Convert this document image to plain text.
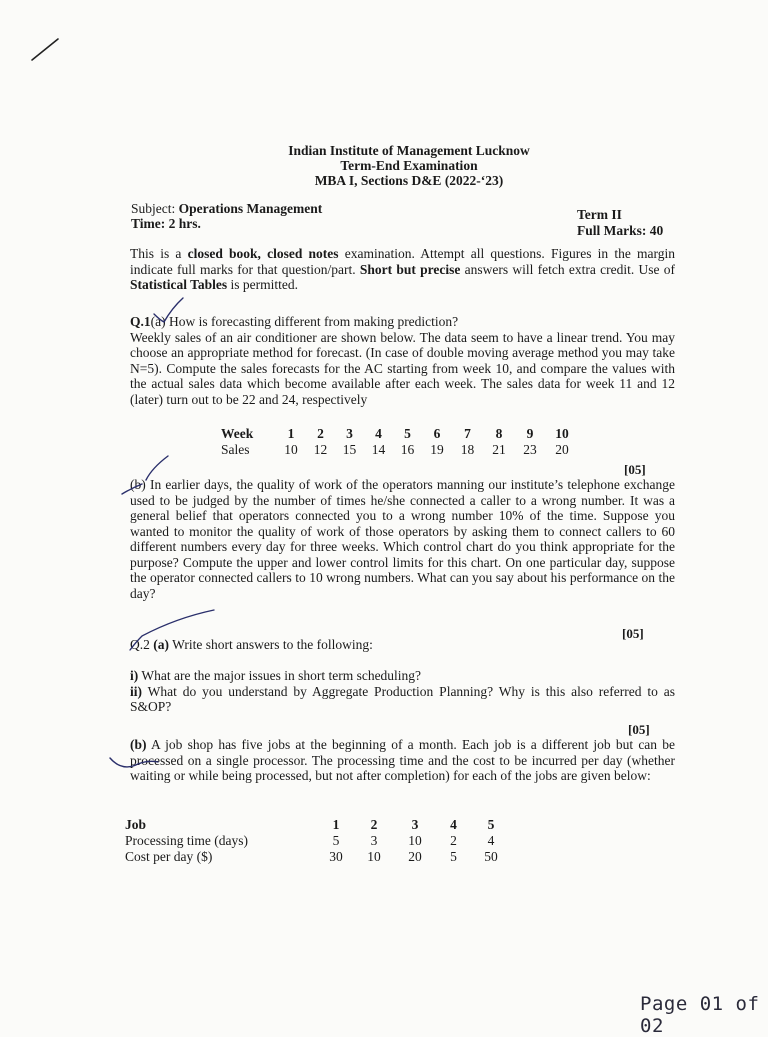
Indian Institute of Management Lucknow
Term-End Examination
MBA I, Sections D&E (2022-‘23)
Subject: Operations Management
Time: 2 hrs.
Term II
Full Marks: 40
This is a closed book, closed notes examination. Attempt all questions. Figures in the margin indicate full marks for that question/part. Short but precise answers will fetch extra credit. Use of Statistical Tables is permitted.
Q.1(a) How is forecasting different from making prediction?
Weekly sales of an air conditioner are shown below. The data seem to have a linear trend. You may choose an appropriate method for forecast. (In case of double moving average method you may take N=5). Compute the sales forecasts for the AC starting from week 10, and compare the values with the actual sales data which become available after each week. The sales data for week 11 and 12 (later) turn out to be 22 and 24, respectively
Week	1	2	3	4	5	6	7	8	9	10
Sales	10	12	15	14	16	19	18	21	23	20
[05]
(b) In earlier days, the quality of work of the operators manning our institute’s telephone exchange used to be judged by the number of times he/she connected a caller to a wrong number. It was a general belief that operators connected you to a wrong number 10% of the time. Suppose you wanted to monitor the quality of work of those operators by asking them to connect callers to 60 different numbers every day for three weeks. Which control chart do you think appropriate for the purpose? Compute the upper and lower control limits for this chart. On one particular day, suppose the operator connected callers to 10 wrong numbers. What can you say about his performance on the day?
[05]
Q.2 (a) Write short answers to the following:
i) What are the major issues in short term scheduling?
ii) What do you understand by Aggregate Production Planning? Why is this also referred to as S&OP?
[05]
(b) A job shop has five jobs at the beginning of a month. Each job is a different job but can be processed on a single processor. The processing time and the cost to be incurred per day (whether waiting or while being processed, but not after completion) for each of the jobs are given below:
Job	1	2	3	4	5
Processing time (days)	5	3	10	2	4
Cost per day ($)	30	10	20	5	50
Page 01 of 02
